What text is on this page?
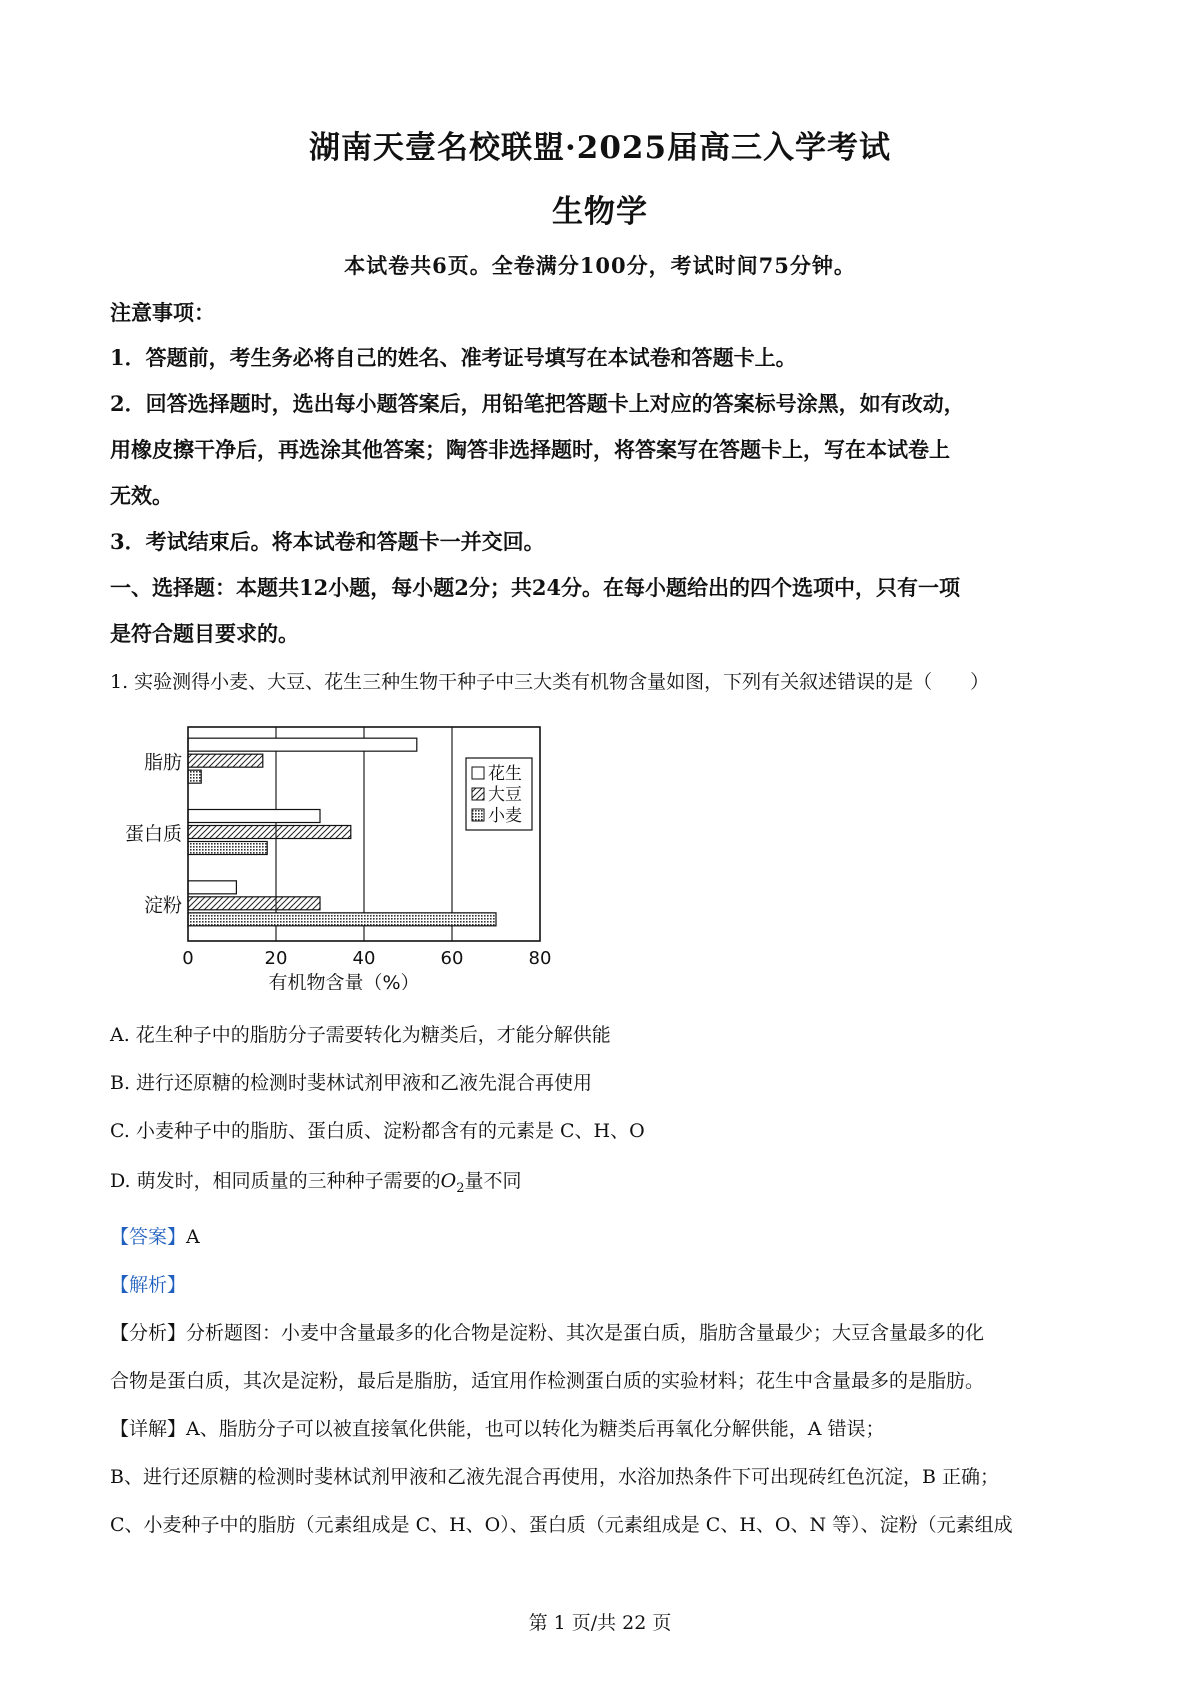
湖南天壹名校联盟·2025届高三入学考试
生物学
本试卷共6页。全卷满分100分，考试时间75分钟。
注意事项：
1．答题前，考生务必将自己的姓名、准考证号填写在本试卷和答题卡上。
2．回答选择题时，选出每小题答案后，用铅笔把答题卡上对应的答案标号涂黑，如有改动，
用橡皮擦干净后，再选涂其他答案；陶答非选择题时，将答案写在答题卡上，写在本试卷上
无效。
3．考试结束后。将本试卷和答题卡一并交回。
一、选择题：本题共12小题，每小题2分；共24分。在每小题给出的四个选项中，只有一项
是符合题目要求的。
1. 实验测得小麦、大豆、花生三种生物干种子中三大类有机物含量如图，下列有关叙述错误的是（　　）
花生
大豆
小麦
脂肪
蛋白质
淀粉
0	20	40	60	80
有机物含量（%）
A. 花生种子中的脂肪分子需要转化为糖类后，才能分解供能
B. 进行还原糖的检测时斐林试剂甲液和乙液先混合再使用
C. 小麦种子中的脂肪、蛋白质、淀粉都含有的元素是 C、H、O
D. 萌发时，相同质量的三种种子需要的$O_2$量不同
【答案】A
【解析】
【分析】分析题图：小麦中含量最多的化合物是淀粉、其次是蛋白质，脂肪含量最少；大豆含量最多的化
合物是蛋白质，其次是淀粉，最后是脂肪，适宜用作检测蛋白质的实验材料；花生中含量最多的是脂肪。
【详解】A、脂肪分子可以被直接氧化供能，也可以转化为糖类后再氧化分解供能，A 错误；
B、进行还原糖的检测时斐林试剂甲液和乙液先混合再使用，水浴加热条件下可出现砖红色沉淀，B 正确；
C、小麦种子中的脂肪（元素组成是 C、H、O）、蛋白质（元素组成是 C、H、O、N 等）、淀粉（元素组成
第 1 页/共 22 页
